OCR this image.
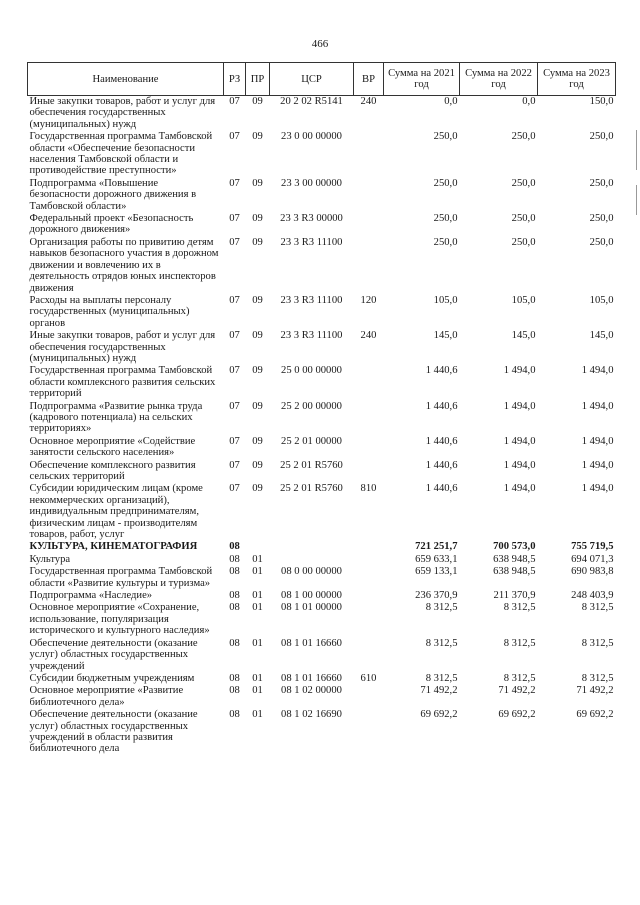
466
Наименование	РЗ	ПР	ЦСР	ВР	Сумма на 2021 год	Сумма на 2022 год	Сумма на 2023 год
Иные закупки товаров, работ и услуг для обеспечения государственных (муниципальных) нужд	07	09	20 2 02 R5141	240	0,0	0,0	150,0
Государственная программа Тамбовской области «Обеспечение безопасности населения Тамбовской области и противодействие преступности»	07	09	23 0 00 00000		250,0	250,0	250,0
Подпрограмма «Повышение безопасности дорожного движения в Тамбовской области»	07	09	23 3 00 00000		250,0	250,0	250,0
Федеральный проект «Безопасность дорожного движения»	07	09	23 3 R3 00000		250,0	250,0	250,0
Организация работы по привитию детям навыков безопасного участия в дорожном движении и вовлечению их в деятельность отрядов юных инспекторов движения	07	09	23 3 R3 11100		250,0	250,0	250,0
Расходы на выплаты персоналу государственных (муниципальных) органов	07	09	23 3 R3 11100	120	105,0	105,0	105,0
Иные закупки товаров, работ и услуг для обеспечения государственных (муниципальных) нужд	07	09	23 3 R3 11100	240	145,0	145,0	145,0
Государственная программа Тамбовской области комплексного развития сельских территорий	07	09	25 0 00 00000		1 440,6	1 494,0	1 494,0
Подпрограмма «Развитие рынка труда (кадрового потенциала) на сельских территориях»	07	09	25 2 00 00000		1 440,6	1 494,0	1 494,0
Основное мероприятие «Содействие занятости сельского населения»	07	09	25 2 01 00000		1 440,6	1 494,0	1 494,0
Обеспечение комплексного развития сельских территорий	07	09	25 2 01 R5760		1 440,6	1 494,0	1 494,0
Субсидии юридическим лицам (кроме некоммерческих организаций), индивидуальным предпринимателям, физическим лицам - производителям товаров, работ, услуг	07	09	25 2 01 R5760	810	1 440,6	1 494,0	1 494,0
КУЛЬТУРА, КИНЕМАТОГРАФИЯ	08				721 251,7	700 573,0	755 719,5
Культура	08	01			659 633,1	638 948,5	694 071,3
Государственная программа Тамбовской области «Развитие культуры и туризма»	08	01	08 0 00 00000		659 133,1	638 948,5	690 983,8
Подпрограмма «Наследие»	08	01	08 1 00 00000		236 370,9	211 370,9	248 403,9
Основное мероприятие «Сохранение, использование, популяризация исторического и культурного наследия»	08	01	08 1 01 00000		8 312,5	8 312,5	8 312,5
Обеспечение деятельности (оказание услуг) областных государственных учреждений	08	01	08 1 01 16660		8 312,5	8 312,5	8 312,5
Субсидии бюджетным учреждениям	08	01	08 1 01 16660	610	8 312,5	8 312,5	8 312,5
Основное мероприятие «Развитие библиотечного дела»	08	01	08 1 02 00000		71 492,2	71 492,2	71 492,2
Обеспечение деятельности (оказание услуг) областных государственных учреждений в области развития библиотечного дела	08	01	08 1 02 16690		69 692,2	69 692,2	69 692,2
